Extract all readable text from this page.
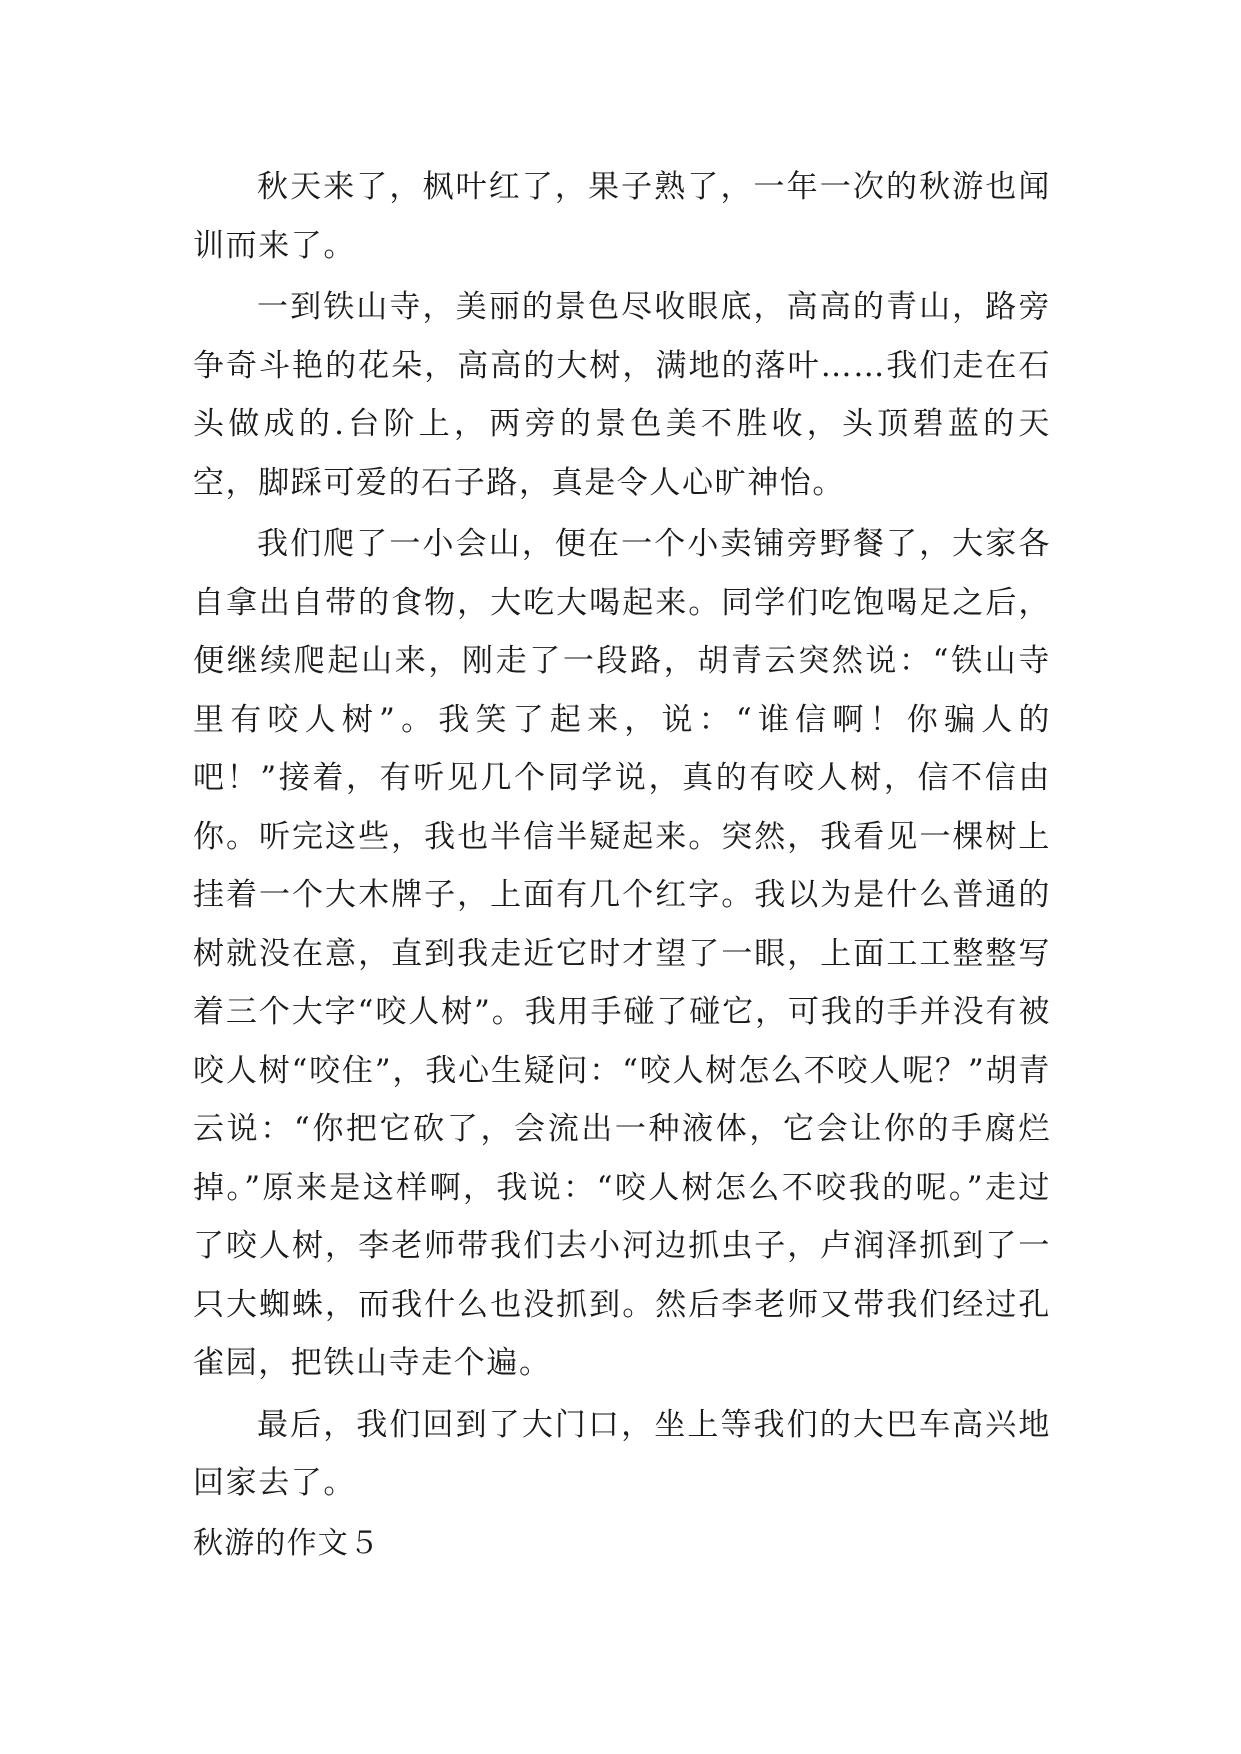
秋天来了，枫叶红了，果子熟了，一年一次的秋游也闻训而来了。

一到铁山寺，美丽的景色尽收眼底，高高的青山，路旁争奇斗艳的花朵，高高的大树，满地的落叶……我们走在石头做成的.台阶上，两旁的景色美不胜收，头顶碧蓝的天空，脚踩可爱的石子路，真是令人心旷神怡。

我们爬了一小会山，便在一个小卖铺旁野餐了，大家各自拿出自带的食物，大吃大喝起来。同学们吃饱喝足之后，便继续爬起山来，刚走了一段路，胡青云突然说：“铁山寺里有咬人树”。我笑了起来，说：“谁信啊！你骗人的吧！”接着，有听见几个同学说，真的有咬人树，信不信由你。听完这些，我也半信半疑起来。突然，我看见一棵树上挂着一个大木牌子，上面有几个红字。我以为是什么普通的树就没在意，直到我走近它时才望了一眼，上面工工整整写着三个大字“咬人树”。我用手碰了碰它，可我的手并没有被咬人树“咬住”，我心生疑问：“咬人树怎么不咬人呢？”胡青云说：“你把它砍了，会流出一种液体，它会让你的手腐烂掉。”原来是这样啊，我说：“咬人树怎么不咬我的呢。”走过了咬人树，李老师带我们去小河边抓虫子，卢润泽抓到了一只大蜘蛛，而我什么也没抓到。然后李老师又带我们经过孔雀园，把铁山寺走个遍。

最后，我们回到了大门口，坐上等我们的大巴车高兴地回家去了。

秋游的作文５
